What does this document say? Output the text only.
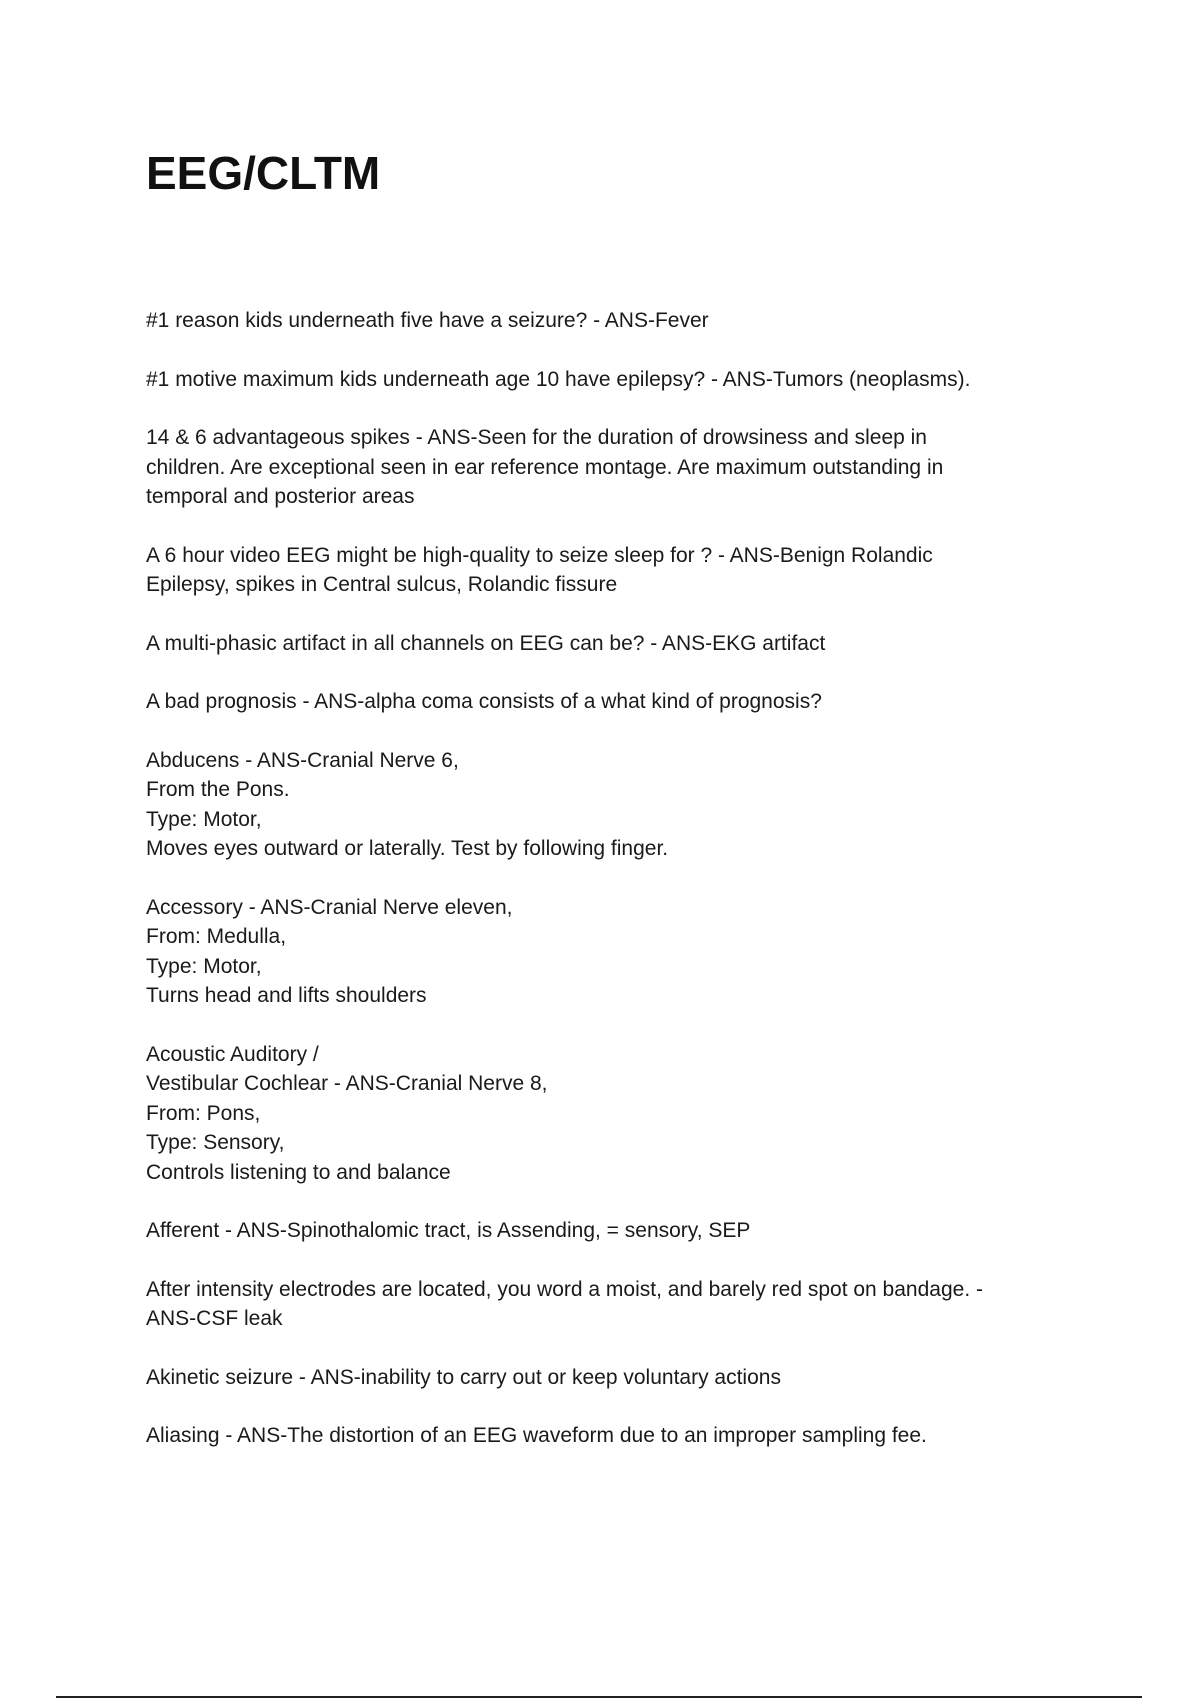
EEG/CLTM
#1 reason kids underneath five have a seizure? - ANS-Fever
#1 motive maximum kids underneath age 10 have epilepsy? - ANS-Tumors (neoplasms).
14 & 6 advantageous spikes - ANS-Seen for the duration of drowsiness and sleep in
children. Are exceptional seen in ear reference montage. Are maximum outstanding in
temporal and posterior areas
A 6 hour video EEG might be high-quality to seize sleep for ? - ANS-Benign Rolandic
Epilepsy, spikes in Central sulcus, Rolandic fissure
A multi-phasic artifact in all channels on EEG can be? - ANS-EKG artifact
A bad prognosis - ANS-alpha coma consists of a what kind of prognosis?
Abducens - ANS-Cranial Nerve 6,
From the Pons.
Type: Motor,
Moves eyes outward or laterally. Test by following finger.
Accessory - ANS-Cranial Nerve eleven,
From: Medulla,
Type: Motor,
Turns head and lifts shoulders
Acoustic Auditory /
Vestibular Cochlear - ANS-Cranial Nerve 8,
From: Pons,
Type: Sensory,
Controls listening to and balance
Afferent - ANS-Spinothalomic tract, is Assending, = sensory, SEP
After intensity electrodes are located, you word a moist, and barely red spot on bandage. -
ANS-CSF leak
Akinetic seizure - ANS-inability to carry out or keep voluntary actions
Aliasing - ANS-The distortion of an EEG waveform due to an improper sampling fee.
